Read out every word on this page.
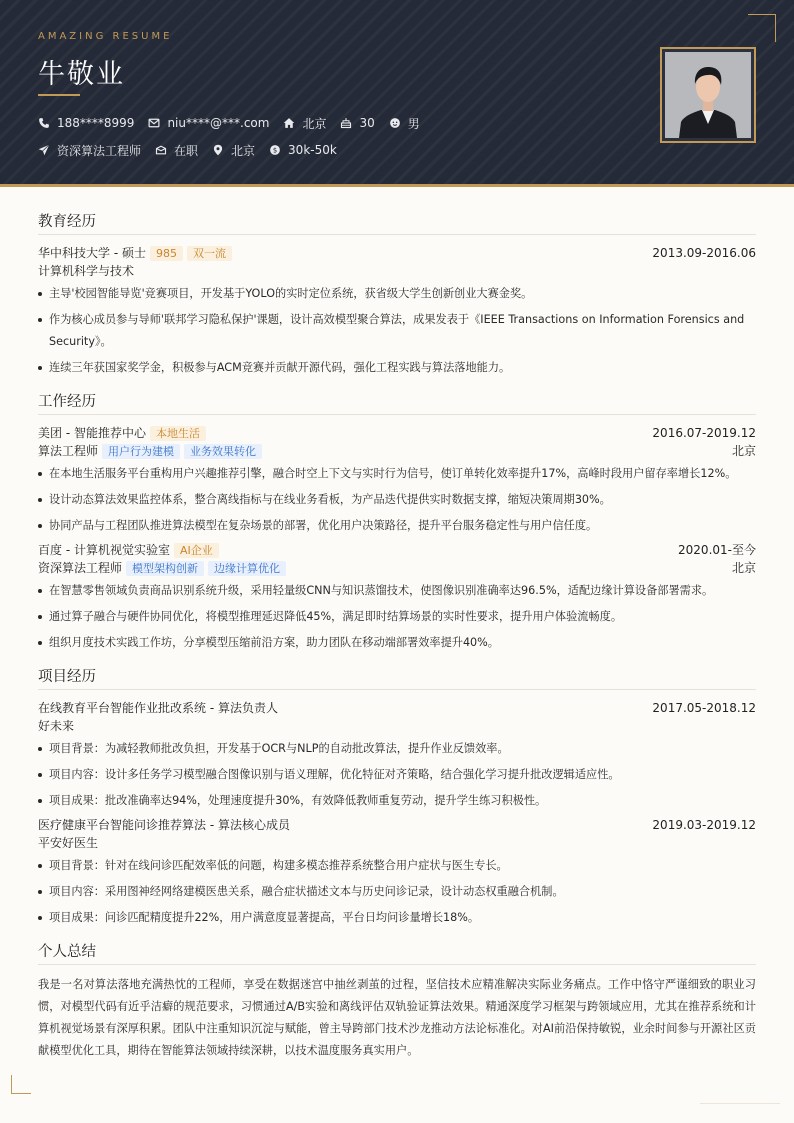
AMAZING RESUME
牛敬业
188****8999	niu****@***.com	北京	30	男
资深算法工程师	在职	北京 $ 30k-50k
教育经历
华中科技大学 - 硕士 985	双一流	2013.09-2016.06
计算机科学与技术
主导'校园智能导览'竞赛项目，开发基于YOLO的实时定位系统，获省级大学生创新创业大赛金奖。
作为核心成员参与导师'联邦学习隐私保护'课题，设计高效模型聚合算法，成果发表于《IEEE Transactions on Information Forensics and Security》。
连续三年获国家奖学金，积极参与ACM竞赛并贡献开源代码，强化工程实践与算法落地能力。
工作经历
美团 - 智能推荐中心 本地生活	2016.07-2019.12
算法工程师 用户行为建模	业务效果转化	北京
在本地生活服务平台重构用户兴趣推荐引擎，融合时空上下文与实时行为信号，使订单转化效率提升17%，高峰时段用户留存率增长12%。
设计动态算法效果监控体系，整合离线指标与在线业务看板，为产品迭代提供实时数据支撑，缩短决策周期30%。
协同产品与工程团队推进算法模型在复杂场景的部署，优化用户决策路径，提升平台服务稳定性与用户信任度。
百度 - 计算机视觉实验室 AI企业	2020.01-至今
资深算法工程师 模型架构创新	边缘计算优化	北京
在智慧零售领域负责商品识别系统升级，采用轻量级CNN与知识蒸馏技术，使图像识别准确率达96.5%，适配边缘计算设备部署需求。
通过算子融合与硬件协同优化，将模型推理延迟降低45%，满足即时结算场景的实时性要求，提升用户体验流畅度。
组织月度技术实践工作坊，分享模型压缩前沿方案，助力团队在移动端部署效率提升40%。
项目经历
在线教育平台智能作业批改系统 - 算法负责人	2017.05-2018.12
好未来
项目背景：为减轻教师批改负担，开发基于OCR与NLP的自动批改算法，提升作业反馈效率。
项目内容：设计多任务学习模型融合图像识别与语义理解，优化特征对齐策略，结合强化学习提升批改逻辑适应性。
项目成果：批改准确率达94%，处理速度提升30%，有效降低教师重复劳动，提升学生练习积极性。
医疗健康平台智能问诊推荐算法 - 算法核心成员	2019.03-2019.12
平安好医生
项目背景：针对在线问诊匹配效率低的问题，构建多模态推荐系统整合用户症状与医生专长。
项目内容：采用图神经网络建模医患关系，融合症状描述文本与历史问诊记录，设计动态权重融合机制。
项目成果：问诊匹配精度提升22%，用户满意度显著提高，平台日均问诊量增长18%。
个人总结

我是一名对算法落地充满热忱的工程师，享受在数据迷宫中抽丝剥茧的过程，坚信技术应精准解决实际业务痛点。工作中恪守严谨细致的职业习惯，对模型代码有近乎洁癖的规范要求，习惯通过A/B实验和离线评估双轨验证算法效果。精通深度学习框架与跨领域应用，尤其在推荐系统和计算机视觉场景有深厚积累。团队中注重知识沉淀与赋能，曾主导跨部门技术沙龙推动方法论标准化。对AI前沿保持敏锐，业余时间参与开源社区贡献模型优化工具，期待在智能算法领域持续深耕，以技术温度服务真实用户。
